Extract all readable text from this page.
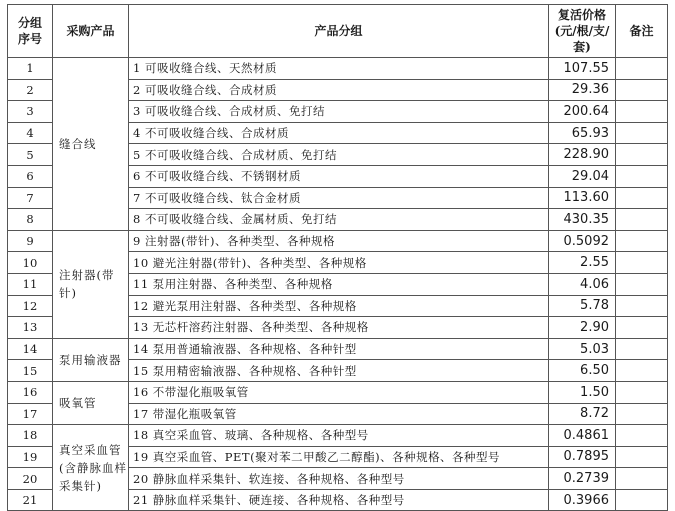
分组序号	采购产品	产品分组	复活价格(元/根/支/套)	备注
1	缝合线	1 可吸收缝合线、天然材质	107.55	
2		2 可吸收缝合线、合成材质	29.36	
3		3 可吸收缝合线、合成材质、免打结	200.64	
4		4 不可吸收缝合线、合成材质	65.93	
5		5 不可吸收缝合线、合成材质、免打结	228.90	
6		6 不可吸收缝合线、不锈钢材质	29.04	
7		7 不可吸收缝合线、钛合金材质	113.60	
8		8 不可吸收缝合线、金属材质、免打结	430.35	
9	注射器(带针)	9 注射器(带针)、各种类型、各种规格	0.5092	
10		10 避光注射器(带针)、各种类型、各种规格	2.55	
11		11 泵用注射器、各种类型、各种规格	4.06	
12		12 避光泵用注射器、各种类型、各种规格	5.78	
13		13 无芯杆溶药注射器、各种类型、各种规格	2.90	
14	泵用输液器	14 泵用普通输液器、各种规格、各种针型	5.03	
15		15 泵用精密输液器、各种规格、各种针型	6.50	
16	吸氧管	16 不带湿化瓶吸氧管	1.50	
17		17 带湿化瓶吸氧管	8.72	
18	真空采血管(含静脉血样采集针)	18 真空采血管、玻璃、各种规格、各种型号	0.4861	
19		19 真空采血管、PET(聚对苯二甲酸乙二醇酯)、各种规格、各种型号	0.7895	
20		20 静脉血样采集针、软连接、各种规格、各种型号	0.2739	
21		21 静脉血样采集针、硬连接、各种规格、各种型号	0.3966	
